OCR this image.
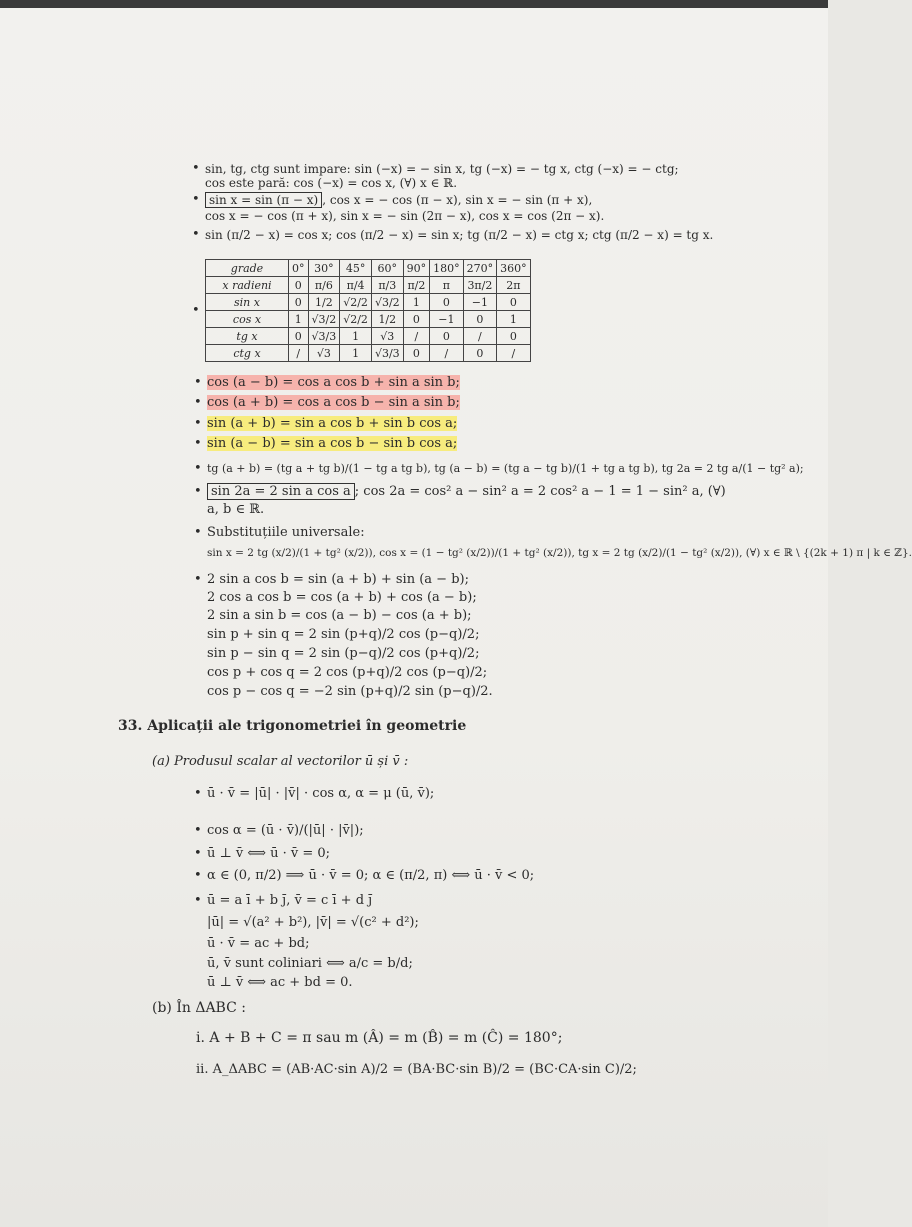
• sin, tg, ctg sunt impare: sin (−x) = − sin x, tg (−x) = − tg x, ctg (−x) = − ctg;
cos este pară: cos (−x) = cos x, (∀) x ∈ ℝ.
• sin x = sin (π − x) , cos x = − cos (π − x), sin x = − sin (π + x),
cos x = − cos (π + x), sin x = − sin (2π − x), cos x = cos (2π − x).
• sin (π/2 − x) = cos x; cos (π/2 − x) = sin x; tg (π/2 − x) = ctg x; ctg (π/2 − x) = tg x.
grade	0°	30°	45°	60°	90°	180°	270°	360°
x radieni	0	π/6	π/4	π/3	π/2	π	3π/2	2π
sin x	0	1/2	√2/2	√3/2	1	0	−1	0
cos x	1	√3/2	√2/2	1/2	0	−1	0	1
tg x	0	√3/3	1	√3	/	0	/	0
ctg x	/	√3	1	√3/3	0	/	0	/
• cos (a − b) = cos a cos b + sin a sin b;
• cos (a + b) = cos a cos b − sin a sin b;
• sin (a + b) = sin a cos b + sin b cos a;
• sin (a − b) = sin a cos b − sin b cos a;
• tg (a + b) = (tg a + tg b)/(1 − tg a tg b), tg (a − b) = (tg a − tg b)/(1 + tg a tg b), tg 2a = 2 tg a/(1 − tg² a);
• sin 2a = 2 sin a cos a ; cos 2a = cos² a − sin² a = 2 cos² a − 1 = 1 − sin² a, (∀)
a, b ∈ ℝ.
• Substituțiile universale:
sin x = 2 tg (x/2)/(1 + tg² (x/2)), cos x = (1 − tg² (x/2))/(1 + tg² (x/2)), tg x = 2 tg (x/2)/(1 − tg² (x/2)), (∀) x ∈ ℝ \ {(2k + 1) π | k ∈ ℤ}.
• 2 sin a cos b = sin (a + b) + sin (a − b);
2 cos a cos b = cos (a + b) + cos (a − b);
2 sin a sin b = cos (a − b) − cos (a + b);
sin p + sin q = 2 sin (p+q)/2 cos (p−q)/2;
sin p − sin q = 2 sin (p−q)/2 cos (p+q)/2;
cos p + cos q = 2 cos (p+q)/2 cos (p−q)/2;
cos p − cos q = −2 sin (p+q)/2 sin (p−q)/2.
33. Aplicații ale trigonometriei în geometrie
(a) Produsul scalar al vectorilor ū și v̄ :
• ū · v̄ = |ū| · |v̄| · cos α, α = μ (ū, v̄);
• cos α = (ū · v̄)/(|ū| · |v̄|);
• ū ⊥ v̄ ⟺ ū · v̄ = 0;
• α ∈ (0, π/2) ⟹ ū · v̄ = 0; α ∈ (π/2, π) ⟺ ū · v̄ < 0;
• ū = a ī + b j̄, v̄ = c ī + d j̄
|ū| = √(a² + b²), |v̄| = √(c² + d²);
ū · v̄ = ac + bd;
ū, v̄ sunt coliniari ⟺ a/c = b/d;
ū ⊥ v̄ ⟺ ac + bd = 0.
(b) În ΔABC :
i. A + B + C = π sau m (Â) = m (B̂) = m (Ĉ) = 180°;
ii. A_ΔABC = (AB·AC·sin A)/2 = (BA·BC·sin B)/2 = (BC·CA·sin C)/2;
